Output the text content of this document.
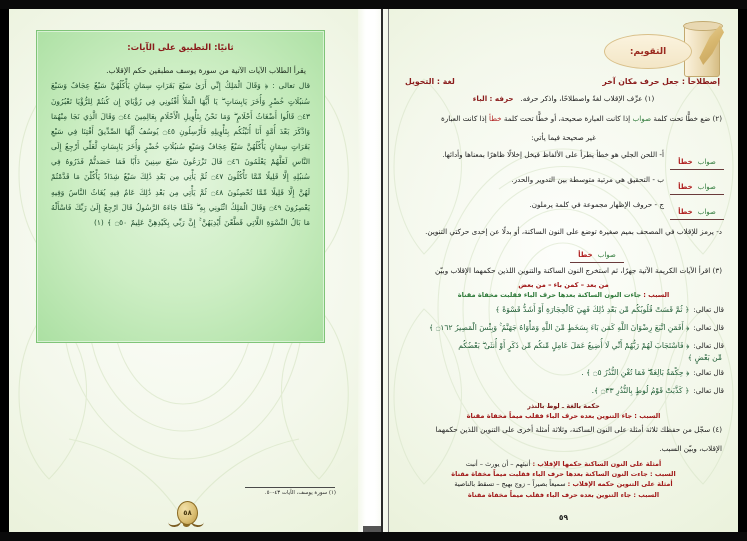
ثانيًا: التطبيق على الآيات:
يقرأ الطلاب الآيات الآتية من سورة يوسف مطبقين حكم الإقلاب.
قال تعالى : ﴿ وَقَالَ الْمَلِكُ إِنِّي أَرَىٰ سَبْعَ بَقَرَاتٍ سِمَانٍ يَأْكُلُهُنَّ سَبْعٌ عِجَافٌ وَسَبْعَ سُنبُلَاتٍ خُضْرٍ وَأُخَرَ يَابِسَاتٍ ۖ يَا أَيُّهَا الْمَلَأُ أَفْتُونِي فِي رُؤْيَايَ إِن كُنتُمْ لِلرُّؤْيَا تَعْبُرُونَ ۝٤٣ قَالُوا أَضْغَاثُ أَحْلَامٍ ۖ وَمَا نَحْنُ بِتَأْوِيلِ الْأَحْلَامِ بِعَالِمِينَ ۝٤٤ وَقَالَ الَّذِي نَجَا مِنْهُمَا وَادَّكَرَ بَعْدَ أُمَّةٍ أَنَا أُنَبِّئُكُم بِتَأْوِيلِهِ فَأَرْسِلُونِ ۝٤٥ يُوسُفُ أَيُّهَا الصِّدِّيقُ أَفْتِنَا فِي سَبْعِ بَقَرَاتٍ سِمَانٍ يَأْكُلُهُنَّ سَبْعٌ عِجَافٌ وَسَبْعِ سُنبُلَاتٍ خُضْرٍ وَأُخَرَ يَابِسَاتٍ لَّعَلِّي أَرْجِعُ إِلَى النَّاسِ لَعَلَّهُمْ يَعْلَمُونَ ۝٤٦ قَالَ تَزْرَعُونَ سَبْعَ سِنِينَ دَأَبًا فَمَا حَصَدتُّمْ فَذَرُوهُ فِي سُنبُلِهِ إِلَّا قَلِيلًا مِّمَّا تَأْكُلُونَ ۝٤٧ ثُمَّ يَأْتِي مِن بَعْدِ ذَٰلِكَ سَبْعٌ شِدَادٌ يَأْكُلْنَ مَا قَدَّمْتُمْ لَهُنَّ إِلَّا قَلِيلًا مِّمَّا تُحْصِنُونَ ۝٤٨ ثُمَّ يَأْتِي مِن بَعْدِ ذَٰلِكَ عَامٌ فِيهِ يُغَاثُ النَّاسُ وَفِيهِ يَعْصِرُونَ ۝٤٩ وَقَالَ الْمَلِكُ ائْتُونِي بِهِ ۖ فَلَمَّا جَاءَهُ الرَّسُولُ قَالَ ارْجِعْ إِلَىٰ رَبِّكَ فَاسْأَلْهُ مَا بَالُ النِّسْوَةِ اللَّاتِي قَطَّعْنَ أَيْدِيَهُنَّ ۚ إِنَّ رَبِّي بِكَيْدِهِنَّ عَلِيمٌ ۝٥٠ ﴾ (١)
(١) سورة يوسف، الآيات ٤٣-٥٠.
٥٨
التقويم:
إصطلاحاً : جعل حرف مكان آخر
لغة : التحويل
(١) عرِّف الإقلاب لغةً واصطلاحًا، واذكر حرفه.   حرفه : الباء
(٢) ضع خطًّا تحت كلمة صواب إذا كانت العبارة صحيحة، أو خطًّا تحت كلمة خطأ إذا كانت العبارة
غير صحيحة فيما يأتي:
صواب خطأ
أ- اللحن الجلي هو خطأ يطرأ على الألفاظ فيخل إخلالًا ظاهرًا بمعناها وأدائها.
صواب خطأ
ب - التحقيق هي مرتبة متوسطة بين التدوير والحدر.
صواب خطأ
ج - حروف الإظهار مجموعة في كلمة يرملون.
د- يرمز للإقلاب في المصحف بميم صغيرة توضع على النون الساكنة، أو بدلًا عن إحدى حركتي التنوين.
صواب خطأ
(٣) اقرأ الآيات الكريمة الآتية جهرًا، ثم استخرج النون الساكنة والتنوين اللذين حكمهما الإقلاب وبيّن
من بعد – كمن باء – من بعض
السبب : جاءت النون الساكنة بعدها حرف الباء فقلبت مخفاة مقناة
قال تعالى:
﴿ ثُمَّ قَسَتْ قُلُوبُكُم مِّن بَعْدِ ذَٰلِكَ فَهِيَ كَالْحِجَارَةِ أَوْ أَشَدُّ قَسْوَةً ﴾
قال تعالى:
﴿ أَفَمَنِ اتَّبَعَ رِضْوَانَ اللَّهِ كَمَن بَاءَ بِسَخَطٍ مِّنَ اللَّهِ وَمَأْوَاهُ جَهَنَّمُ ۚ وَبِئْسَ الْمَصِيرُ ۝١٦٢ ﴾
قال تعالى:
﴿ فَاسْتَجَابَ لَهُمْ رَبُّهُمْ أَنِّي لَا أُضِيعُ عَمَلَ عَامِلٍ مِّنكُم مِّن ذَكَرٍ أَوْ أُنثَىٰ ۖ بَعْضُكُم
مِّن بَعْضٍ ﴾
قال تعالى:
﴿ حِكْمَةٌ بَالِغَةٌ ۖ فَمَا تُغْنِ النُّذُرُ ۝٥ ﴾ .
قال تعالى:
﴿ كَذَّبَتْ قَوْمُ لُوطٍ بِالنُّذُرِ ۝٣٣ ﴾.
حكمة بالغة ـ لوط بالنذر
السبب : جاء التنوين بعده حرف الباء فقلب ميماً مخفاة مقناة
(٤) سجّل من حفظك ثلاثة أمثلة على النون الساكنة، وثلاثة أمثلة أخرى على التنوين اللذين حكمهما
الإقلاب، وبيّن السبب.
أمثلة على النون الساكنة حكمها الإقلاب : أنبئهم – أن يورث – أنبت
السبب : جاءت النون الساكنة بعدها حرف الباء فقلبت ميماً مخفاة مقناة
أمثلة على التنوين حكمه الإقلاب : سميعاً بصيراً – زوج بهيج – تسقط بالناصية
السبب : جاء التنوين بعده حرف الباء فقلب ميماً مخفاة مقناة
٥٩
